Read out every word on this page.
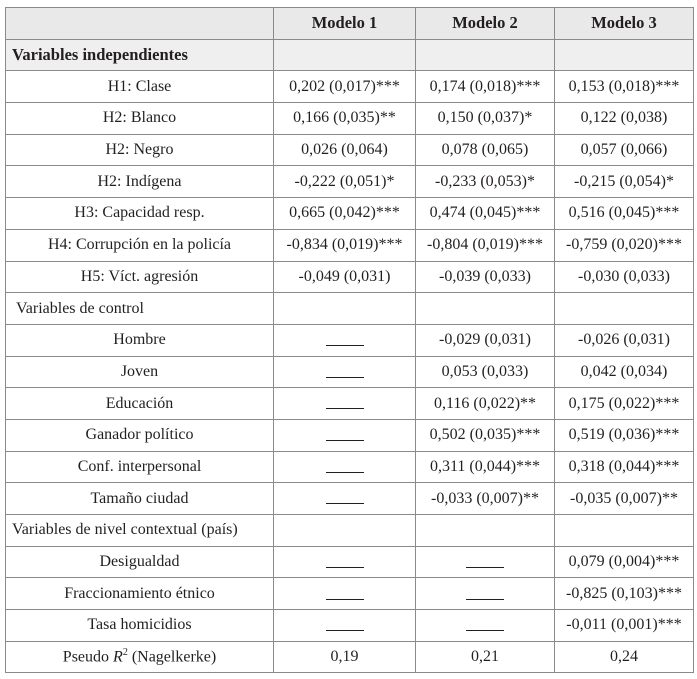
	Modelo 1	Modelo 2	Modelo 3
Variables independientes			
H1: Clase	0,202 (0,017)***	0,174 (0,018)***	0,153 (0,018)***
H2: Blanco	0,166 (0,035)**	0,150 (0,037)*	0,122 (0,038)
H2: Negro	0,026 (0,064)	0,078 (0,065)	0,057 (0,066)
H2: Indígena	-0,222 (0,051)*	-0,233 (0,053)*	-0,215 (0,054)*
H3: Capacidad resp.	0,665 (0,042)***	0,474 (0,045)***	0,516 (0,045)***
H4: Corrupción en la policía	-0,834 (0,019)***	-0,804 (0,019)***	-0,759 (0,020)***
H5: Víct. agresión	-0,049 (0,031)	-0,039 (0,033)	-0,030 (0,033)
Variables de control			
Hombre		-0,029 (0,031)	-0,026 (0,031)
Joven		0,053 (0,033)	0,042 (0,034)
Educación		0,116 (0,022)**	0,175 (0,022)***
Ganador político		0,502 (0,035)***	0,519 (0,036)***
Conf. interpersonal		0,311 (0,044)***	0,318 (0,044)***
Tamaño ciudad		-0,033 (0,007)**	-0,035 (0,007)**
Variables de nivel contextual (país)			
Desigualdad			0,079 (0,004)***
Fraccionamiento étnico			-0,825 (0,103)***
Tasa homicidios			-0,011 (0,001)***
Pseudo $R^2$ (Nagelkerke)	0,19	0,21	0,24
